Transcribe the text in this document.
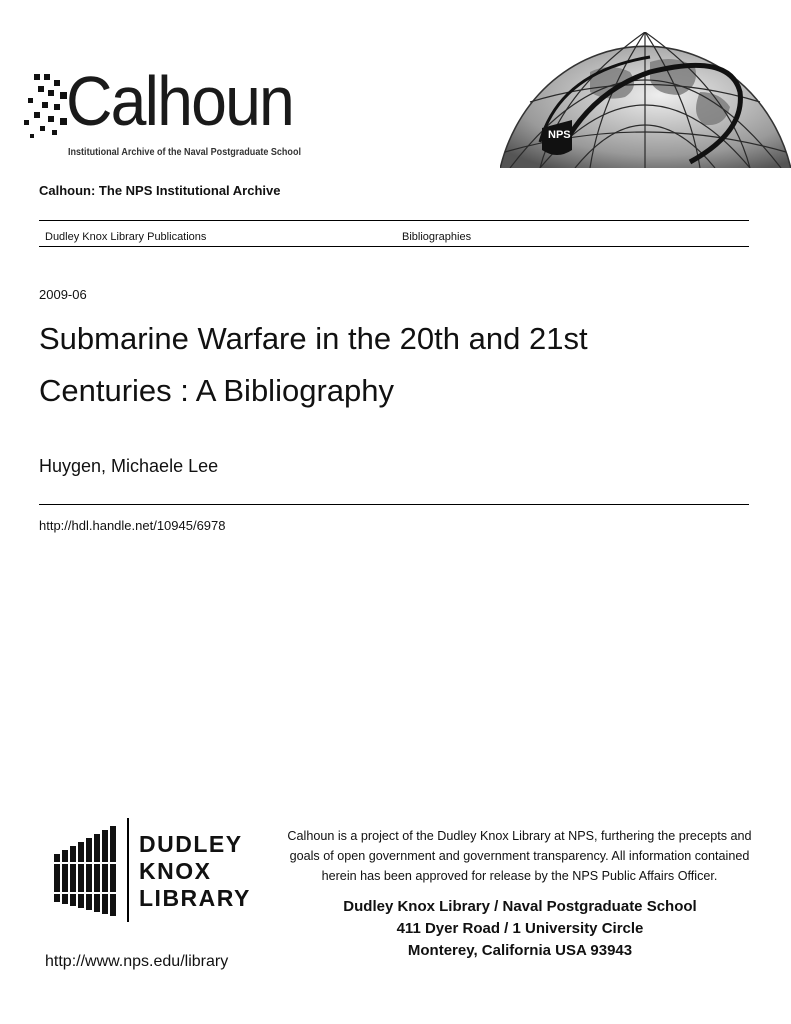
Calhoun
Institutional Archive of the Naval Postgraduate School
NPS
Calhoun: The NPS Institutional Archive
Dudley Knox Library Publications	Bibliographies
2009-06
Submarine Warfare in the 20th and 21st
Centuries : A Bibliography
Huygen, Michaele Lee
http://hdl.handle.net/10945/6978
DUDLEY
KNOX
LIBRARY
http://www.nps.edu/library
Calhoun is a project of the Dudley Knox Library at NPS, furthering the precepts and
goals of open government and government transparency. All information contained
herein has been approved for release by the NPS Public Affairs Officer.
Dudley Knox Library / Naval Postgraduate School
411 Dyer Road / 1 University Circle
Monterey, California USA 93943
